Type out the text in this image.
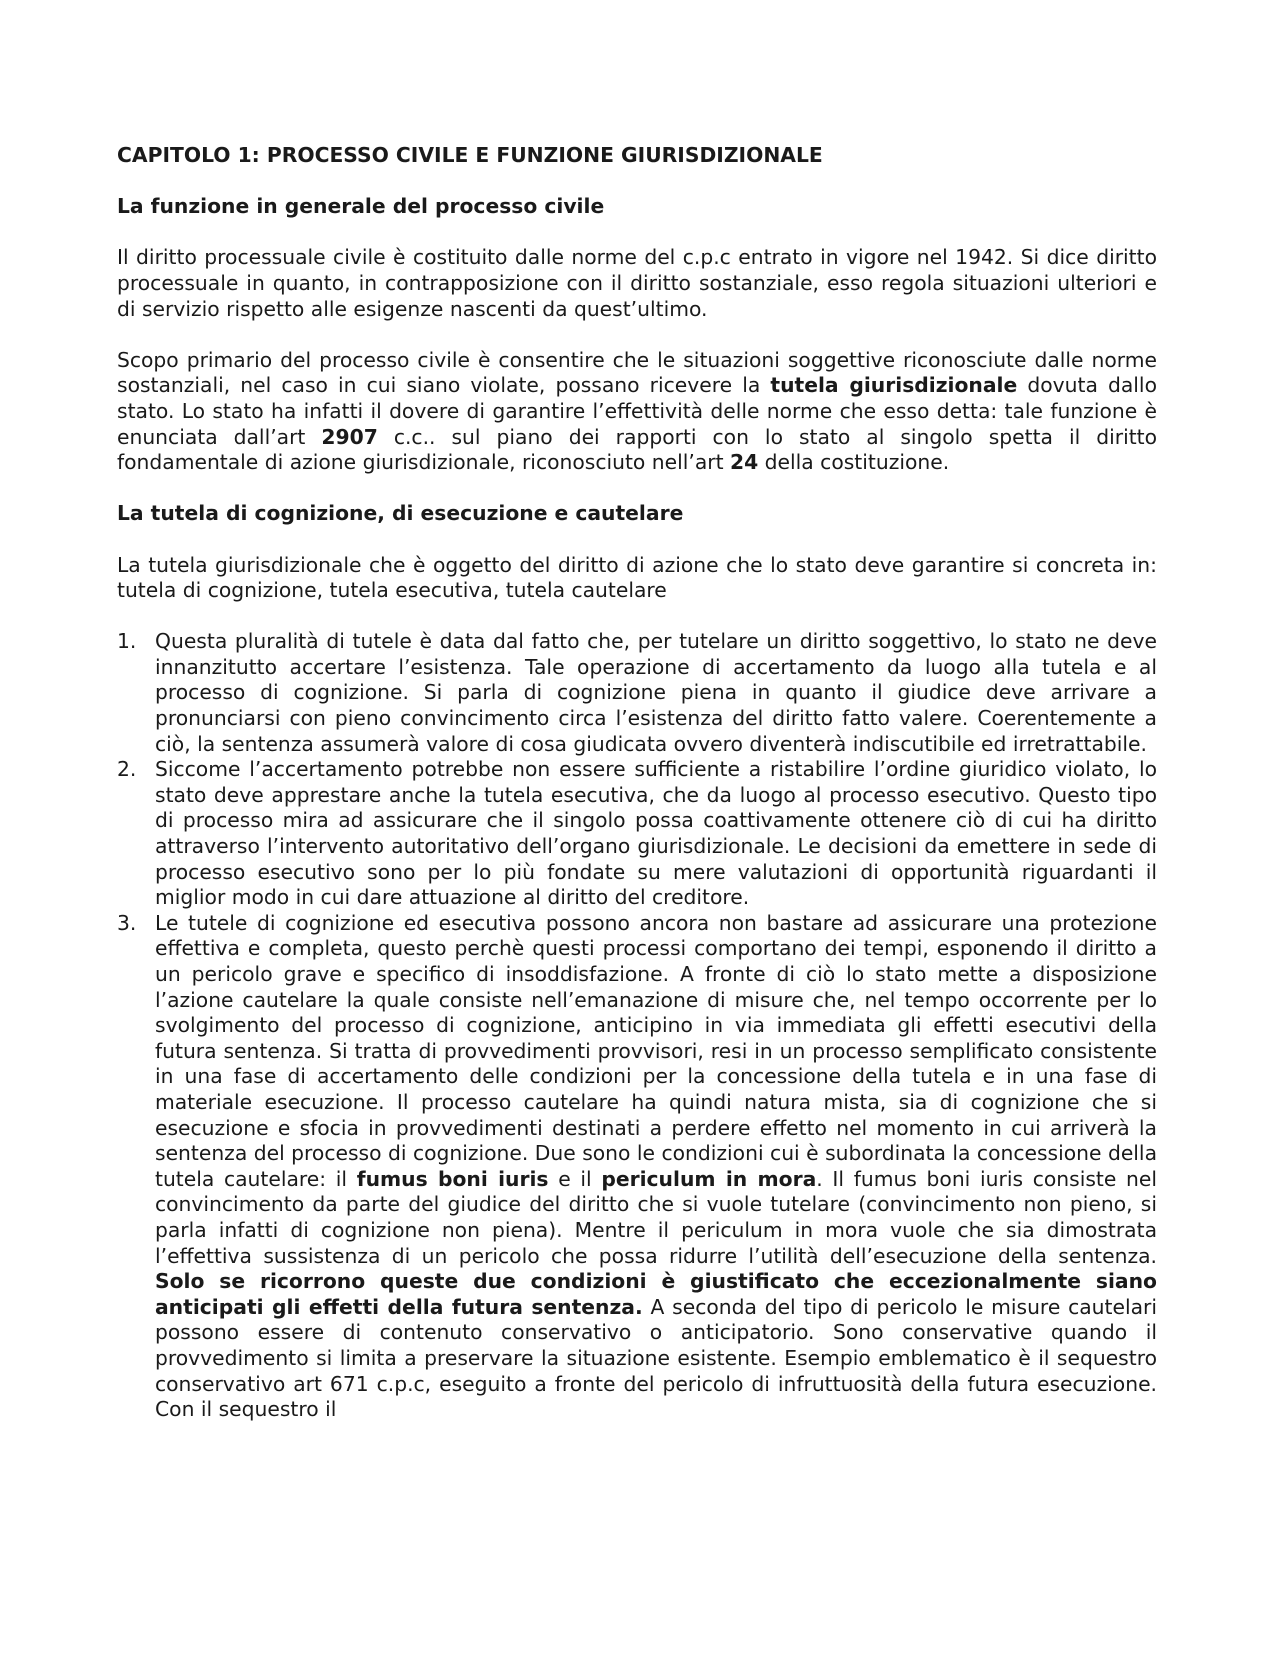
CAPITOLO 1: PROCESSO CIVILE E FUNZIONE GIURISDIZIONALE
La funzione in generale del processo civile

Il diritto processuale civile è costituito dalle norme del c.p.c entrato in vigore nel 1942. Si dice diritto processuale in quanto, in contrapposizione con il diritto sostanziale, esso regola situazioni ulteriori e di servizio rispetto alle esigenze nascenti da quest’ultimo.

Scopo primario del processo civile è consentire che le situazioni soggettive riconosciute dalle norme sostanziali, nel caso in cui siano violate, possano ricevere la tutela giurisdizionale dovuta dallo stato. Lo stato ha infatti il dovere di garantire l’effettività delle norme che esso detta: tale funzione è enunciata dall’art 2907 c.c.. sul piano dei rapporti con lo stato al singolo spetta il diritto fondamentale di azione giurisdizionale, riconosciuto nell’art 24 della costituzione.

La tutela di cognizione, di esecuzione e cautelare

La tutela giurisdizionale che è oggetto del diritto di azione che lo stato deve garantire si concreta in: tutela di cognizione, tutela esecutiva, tutela cautelare

1. Questa pluralità di tutele è data dal fatto che, per tutelare un diritto soggettivo, lo stato ne deve innanzitutto accertare l’esistenza. Tale operazione di accertamento da luogo alla tutela e al processo di cognizione. Si parla di cognizione piena in quanto il giudice deve arrivare a pronunciarsi con pieno convincimento circa l’esistenza del diritto fatto valere. Coerentemente a ciò, la sentenza assumerà valore di cosa giudicata ovvero diventerà indiscutibile ed irretrattabile.
2. Siccome l’accertamento potrebbe non essere sufficiente a ristabilire l’ordine giuridico violato, lo stato deve apprestare anche la tutela esecutiva, che da luogo al processo esecutivo. Questo tipo di processo mira ad assicurare che il singolo possa coattivamente ottenere ciò di cui ha diritto attraverso l’intervento autoritativo dell’organo giurisdizionale. Le decisioni da emettere in sede di processo esecutivo sono per lo più fondate su mere valutazioni di opportunità riguardanti il miglior modo in cui dare attuazione al diritto del creditore.
3. Le tutele di cognizione ed esecutiva possono ancora non bastare ad assicurare una protezione effettiva e completa, questo perchè questi processi comportano dei tempi, esponendo il diritto a un pericolo grave e specifico di insoddisfazione. A fronte di ciò lo stato mette a disposizione l’azione cautelare la quale consiste nell’emanazione di misure che, nel tempo occorrente per lo svolgimento del processo di cognizione, anticipino in via immediata gli effetti esecutivi della futura sentenza. Si tratta di provvedimenti provvisori, resi in un processo semplificato consistente in una fase di accertamento delle condizioni per la concessione della tutela e in una fase di materiale esecuzione. Il processo cautelare ha quindi natura mista, sia di cognizione che si esecuzione e sfocia in provvedimenti destinati a perdere effetto nel momento in cui arriverà la sentenza del processo di cognizione. Due sono le condizioni cui è subordinata la concessione della tutela cautelare: il fumus boni iuris e il periculum in mora. Il fumus boni iuris consiste nel convincimento da parte del giudice del diritto che si vuole tutelare (convincimento non pieno, si parla infatti di cognizione non piena). Mentre il periculum in mora vuole che sia dimostrata l’effettiva sussistenza di un pericolo che possa ridurre l’utilità dell’esecuzione della sentenza. Solo se ricorrono queste due condizioni è giustificato che eccezionalmente siano anticipati gli effetti della futura sentenza. A seconda del tipo di pericolo le misure cautelari possono essere di contenuto conservativo o anticipatorio. Sono conservative quando il provvedimento si limita a preservare la situazione esistente. Esempio emblematico è il sequestro conservativo art 671 c.p.c, eseguito a fronte del pericolo di infruttuosità della futura esecuzione. Con il sequestro il
